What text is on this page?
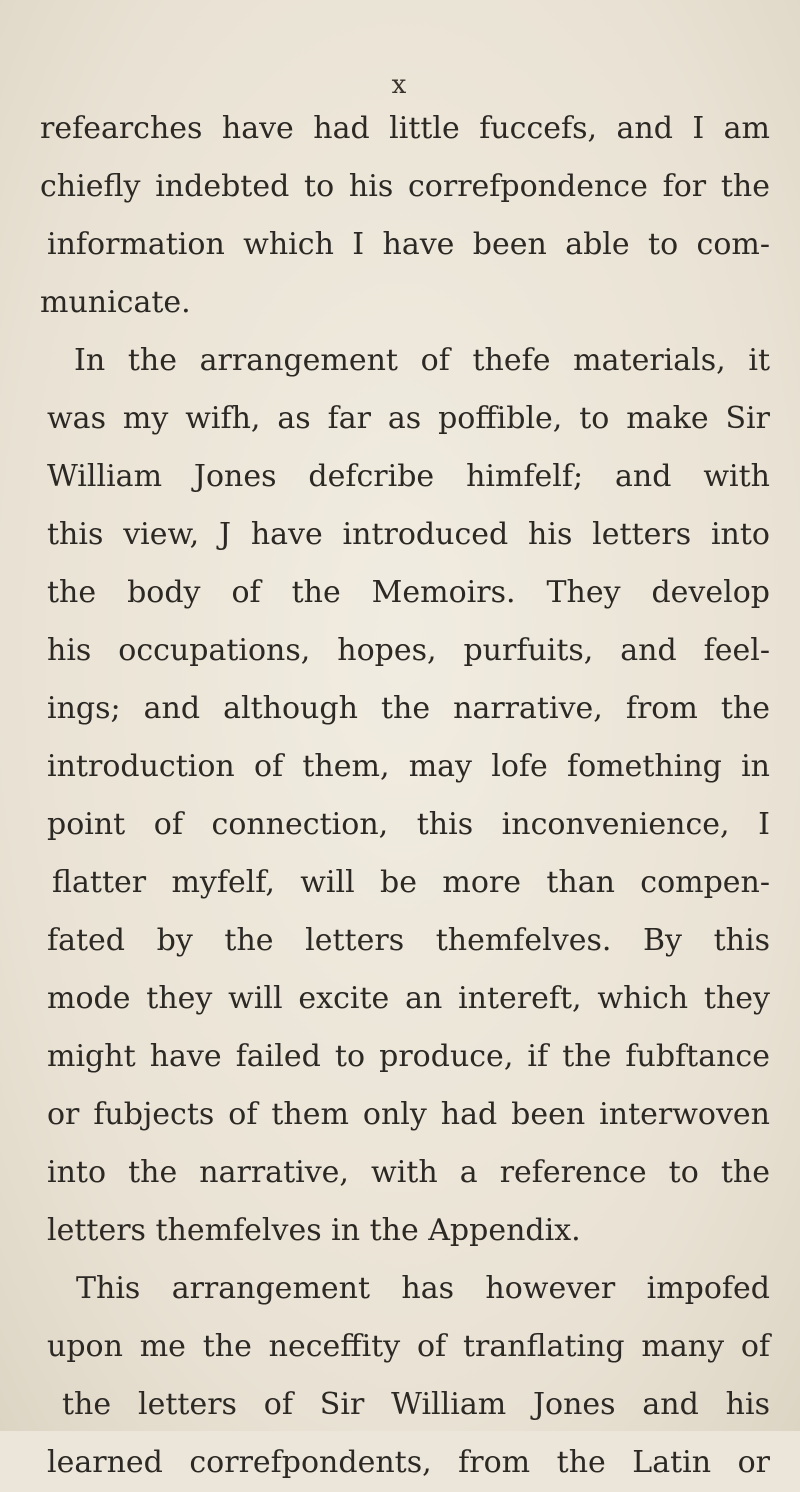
x
refearches have had little fuccefs, and I am
chiefly indebted to his correfpondence for the
information which I have been able to com-
municate.
In the arrangement of thefe materials, it
was my wifh, as far as poffible, to make Sir
William Jones defcribe himfelf; and with
this view, J have introduced his letters into
the body of the Memoirs. They develop
his occupations, hopes, purfuits, and feel-
ings; and although the narrative, from the
introduction of them, may lofe fomething in
point of connection, this inconvenience, I
flatter myfelf, will be more than compen-
fated by the letters themfelves. By this
mode they will excite an intereft, which they
might have failed to produce, if the fubftance
or fubjects of them only had been interwoven
into the narrative, with a reference to the
letters themfelves in the Appendix.
This arrangement has however impofed
upon me the neceffity of tranflating many of
the letters of Sir William Jones and his
learned correfpondents, from the Latin or
